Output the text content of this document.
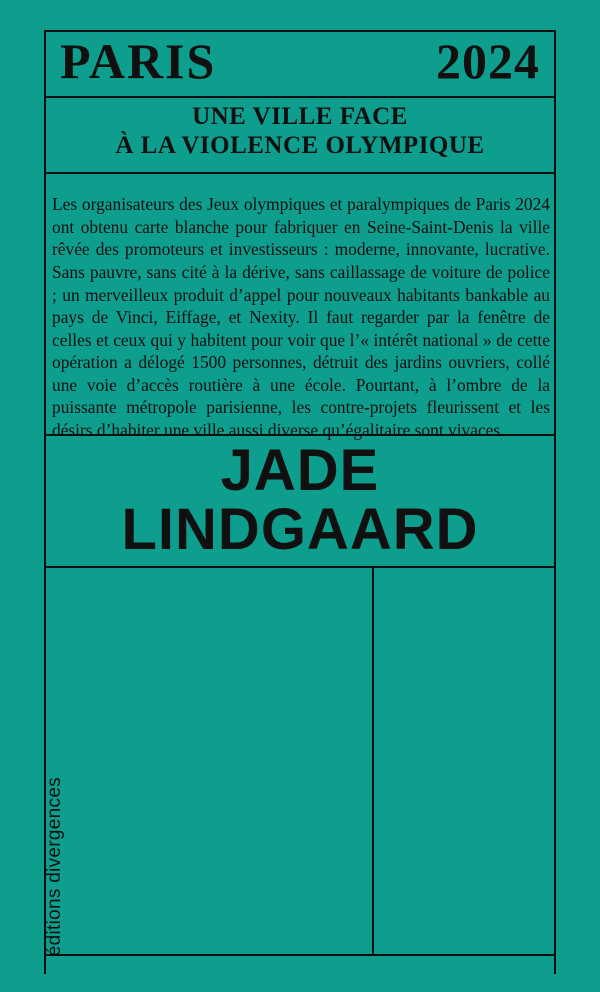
PARIS	2024
UNE VILLE FACE
À LA VIOLENCE OLYMPIQUE

Les organisateurs des Jeux olympiques et paralympiques de Paris 2024 ont obtenu carte blanche pour fabriquer en Seine-Saint-Denis la ville rêvée des promoteurs et investisseurs : moderne, innovante, lucrative. Sans pauvre, sans cité à la dérive, sans caillassage de voiture de police ; un merveilleux produit d’appel pour nouveaux habitants bankable au pays de Vinci, Eiffage, et Nexity. Il faut regarder par la fenêtre de celles et ceux qui y habitent pour voir que l’« intérêt national » de cette opération a délogé 1500 personnes, détruit des jardins ouvriers, collé une voie d’accès routière à une école. Pourtant, à l’ombre de la puissante métropole parisienne, les contre-projets fleurissent et les désirs d’habiter une ville aussi diverse qu’égalitaire sont vivaces.

JADE
LINDGAARD
éditions divergences
